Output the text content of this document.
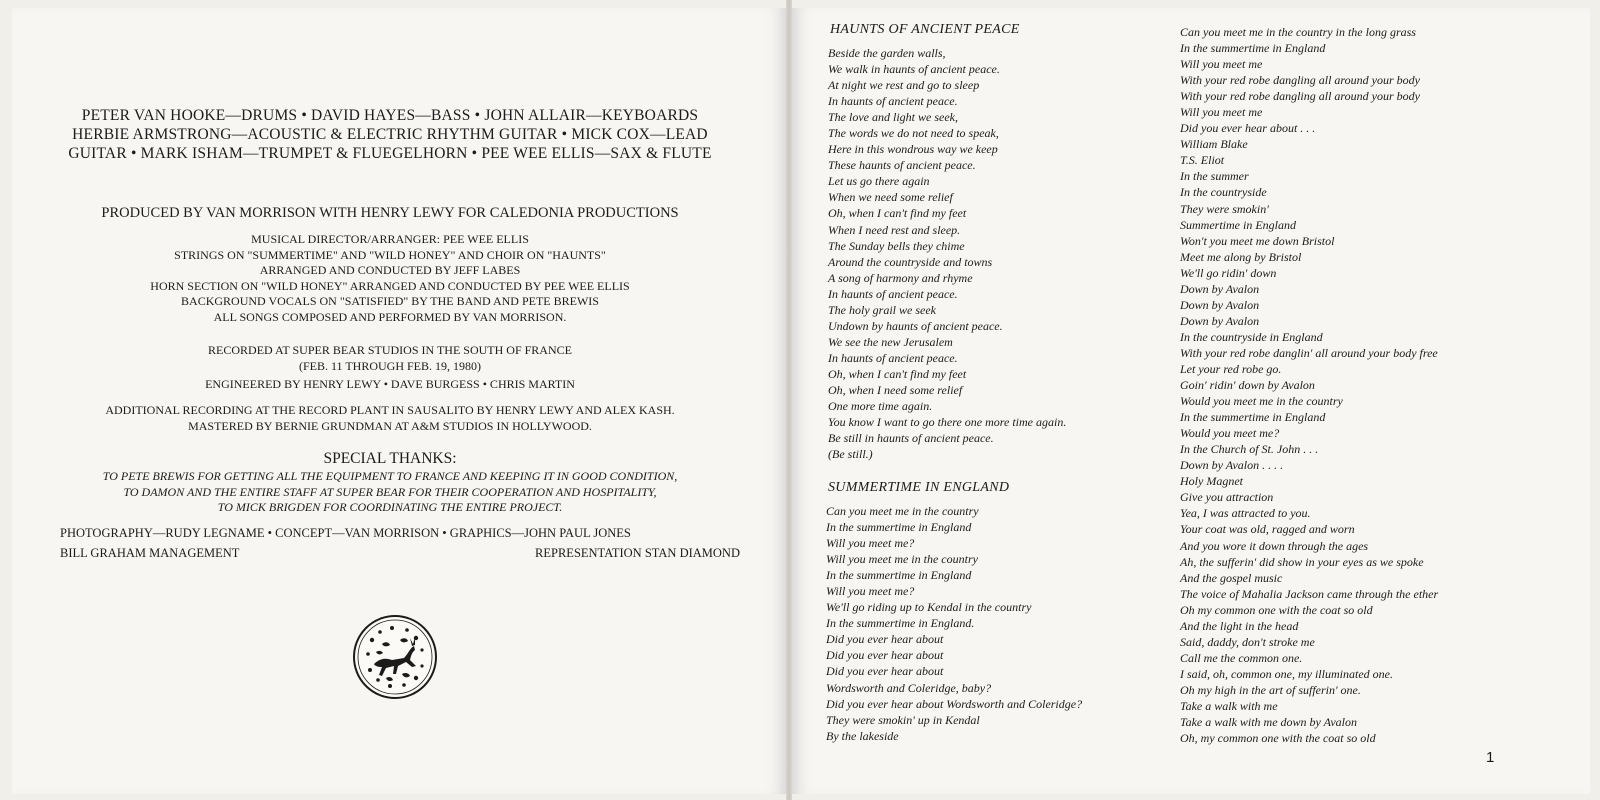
PETER VAN HOOKE—DRUMS • DAVID HAYES—BASS • JOHN ALLAIR—KEYBOARDS
HERBIE ARMSTRONG—ACOUSTIC & ELECTRIC RHYTHM GUITAR • MICK COX—LEAD
GUITAR • MARK ISHAM—TRUMPET & FLUEGELHORN • PEE WEE ELLIS—SAX & FLUTE
PRODUCED BY VAN MORRISON WITH HENRY LEWY FOR CALEDONIA PRODUCTIONS
MUSICAL DIRECTOR/ARRANGER: PEE WEE ELLIS
STRINGS ON "SUMMERTIME" AND "WILD HONEY" AND CHOIR ON "HAUNTS"
ARRANGED AND CONDUCTED BY JEFF LABES
HORN SECTION ON "WILD HONEY" ARRANGED AND CONDUCTED BY PEE WEE ELLIS
BACKGROUND VOCALS ON "SATISFIED" BY THE BAND AND PETE BREWIS
ALL SONGS COMPOSED AND PERFORMED BY VAN MORRISON.
RECORDED AT SUPER BEAR STUDIOS IN THE SOUTH OF FRANCE
(FEB. 11 THROUGH FEB. 19, 1980)
ENGINEERED BY HENRY LEWY • DAVE BURGESS • CHRIS MARTIN
ADDITIONAL RECORDING AT THE RECORD PLANT IN SAUSALITO BY HENRY LEWY AND ALEX KASH.
MASTERED BY BERNIE GRUNDMAN AT A&M STUDIOS IN HOLLYWOOD.
SPECIAL THANKS:
TO PETE BREWIS FOR GETTING ALL THE EQUIPMENT TO FRANCE AND KEEPING IT IN GOOD CONDITION,
TO DAMON AND THE ENTIRE STAFF AT SUPER BEAR FOR THEIR COOPERATION AND HOSPITALITY,
TO MICK BRIGDEN FOR COORDINATING THE ENTIRE PROJECT.
PHOTOGRAPHY—RUDY LEGNAME • CONCEPT—VAN MORRISON • GRAPHICS—JOHN PAUL JONES
BILL GRAHAM MANAGEMENT	REPRESENTATION STAN DIAMOND
HAUNTS OF ANCIENT PEACE
Beside the garden walls,
We walk in haunts of ancient peace.
At night we rest and go to sleep
In haunts of ancient peace.
The love and light we seek,
The words we do not need to speak,
Here in this wondrous way we keep
These haunts of ancient peace.
Let us go there again
When we need some relief
Oh, when I can't find my feet
When I need rest and sleep.
The Sunday bells they chime
Around the countryside and towns
A song of harmony and rhyme
In haunts of ancient peace.
The holy grail we seek
Undown by haunts of ancient peace.
We see the new Jerusalem
In haunts of ancient peace.
Oh, when I can't find my feet
Oh, when I need some relief
One more time again.
You know I want to go there one more time again.
Be still in haunts of ancient peace.
(Be still.)
SUMMERTIME IN ENGLAND
Can you meet me in the country
In the summertime in England
Will you meet me?
Will you meet me in the country
In the summertime in England
Will you meet me?
We'll go riding up to Kendal in the country
In the summertime in England.
Did you ever hear about
Did you ever hear about
Did you ever hear about
Wordsworth and Coleridge, baby?
Did you ever hear about Wordsworth and Coleridge?
They were smokin' up in Kendal
By the lakeside
Can you meet me in the country in the long grass
In the summertime in England
Will you meet me
With your red robe dangling all around your body
With your red robe dangling all around your body
Will you meet me
Did you ever hear about . . .
William Blake
T.S. Eliot
In the summer
In the countryside
They were smokin'
Summertime in England
Won't you meet me down Bristol
Meet me along by Bristol
We'll go ridin' down
Down by Avalon
Down by Avalon
Down by Avalon
In the countryside in England
With your red robe danglin' all around your body free
Let your red robe go.
Goin' ridin' down by Avalon
Would you meet me in the country
In the summertime in England
Would you meet me?
In the Church of St. John . . .
Down by Avalon . . . .
Holy Magnet
Give you attraction
Yea, I was attracted to you.
Your coat was old, ragged and worn
And you wore it down through the ages
Ah, the sufferin' did show in your eyes as we spoke
And the gospel music
The voice of Mahalia Jackson came through the ether
Oh my common one with the coat so old
And the light in the head
Said, daddy, don't stroke me
Call me the common one.
I said, oh, common one, my illuminated one.
Oh my high in the art of sufferin' one.
Take a walk with me
Take a walk with me down by Avalon
Oh, my common one with the coat so old
1
